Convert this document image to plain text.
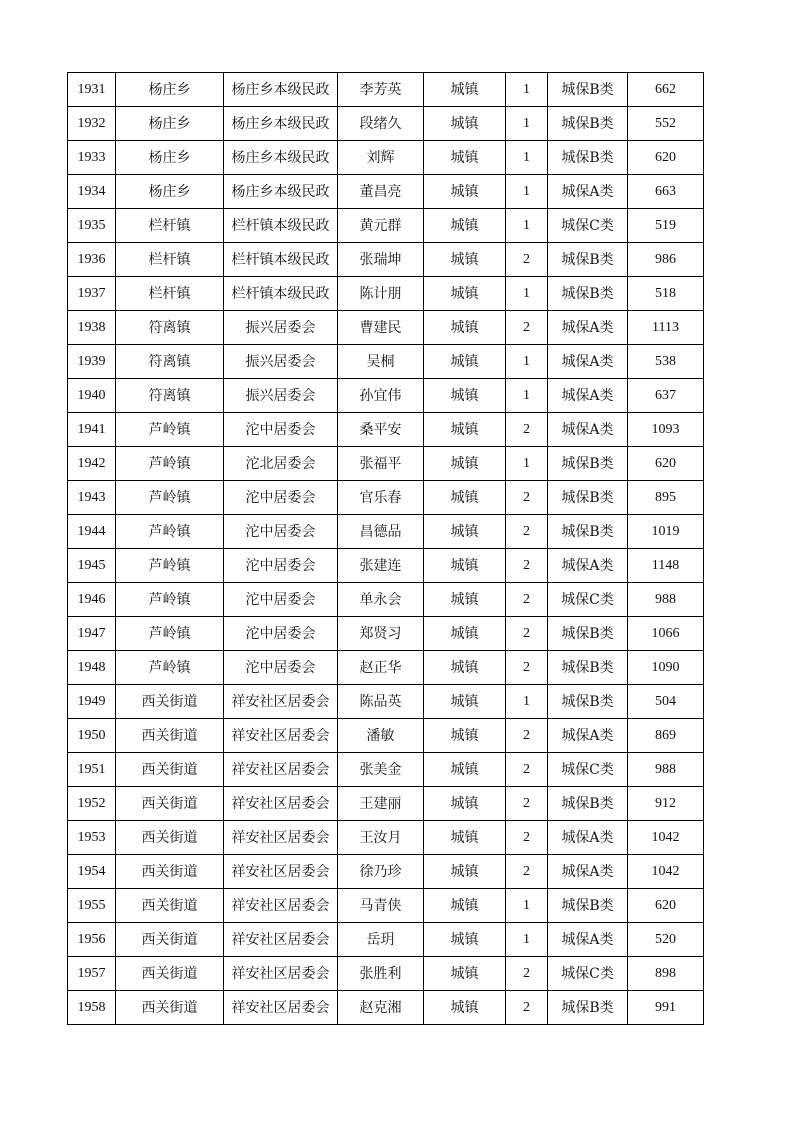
1931	杨庄乡	杨庄乡本级民政	李芳英	城镇	1	城保B类	662
1932	杨庄乡	杨庄乡本级民政	段绪久	城镇	1	城保B类	552
1933	杨庄乡	杨庄乡本级民政	刘辉	城镇	1	城保B类	620
1934	杨庄乡	杨庄乡本级民政	董昌亮	城镇	1	城保A类	663
1935	栏杆镇	栏杆镇本级民政	黄元群	城镇	1	城保C类	519
1936	栏杆镇	栏杆镇本级民政	张瑞坤	城镇	2	城保B类	986
1937	栏杆镇	栏杆镇本级民政	陈计朋	城镇	1	城保B类	518
1938	符离镇	振兴居委会	曹建民	城镇	2	城保A类	1113
1939	符离镇	振兴居委会	吴桐	城镇	1	城保A类	538
1940	符离镇	振兴居委会	孙宜伟	城镇	1	城保A类	637
1941	芦岭镇	沱中居委会	桑平安	城镇	2	城保A类	1093
1942	芦岭镇	沱北居委会	张福平	城镇	1	城保B类	620
1943	芦岭镇	沱中居委会	官乐春	城镇	2	城保B类	895
1944	芦岭镇	沱中居委会	昌德品	城镇	2	城保B类	1019
1945	芦岭镇	沱中居委会	张建连	城镇	2	城保A类	1148
1946	芦岭镇	沱中居委会	单永会	城镇	2	城保C类	988
1947	芦岭镇	沱中居委会	郑贤习	城镇	2	城保B类	1066
1948	芦岭镇	沱中居委会	赵正华	城镇	2	城保B类	1090
1949	西关街道	祥安社区居委会	陈品英	城镇	1	城保B类	504
1950	西关街道	祥安社区居委会	潘敏	城镇	2	城保A类	869
1951	西关街道	祥安社区居委会	张美金	城镇	2	城保C类	988
1952	西关街道	祥安社区居委会	王建丽	城镇	2	城保B类	912
1953	西关街道	祥安社区居委会	王汝月	城镇	2	城保A类	1042
1954	西关街道	祥安社区居委会	徐乃珍	城镇	2	城保A类	1042
1955	西关街道	祥安社区居委会	马青侠	城镇	1	城保B类	620
1956	西关街道	祥安社区居委会	岳玥	城镇	1	城保A类	520
1957	西关街道	祥安社区居委会	张胜利	城镇	2	城保C类	898
1958	西关街道	祥安社区居委会	赵克湘	城镇	2	城保B类	991
